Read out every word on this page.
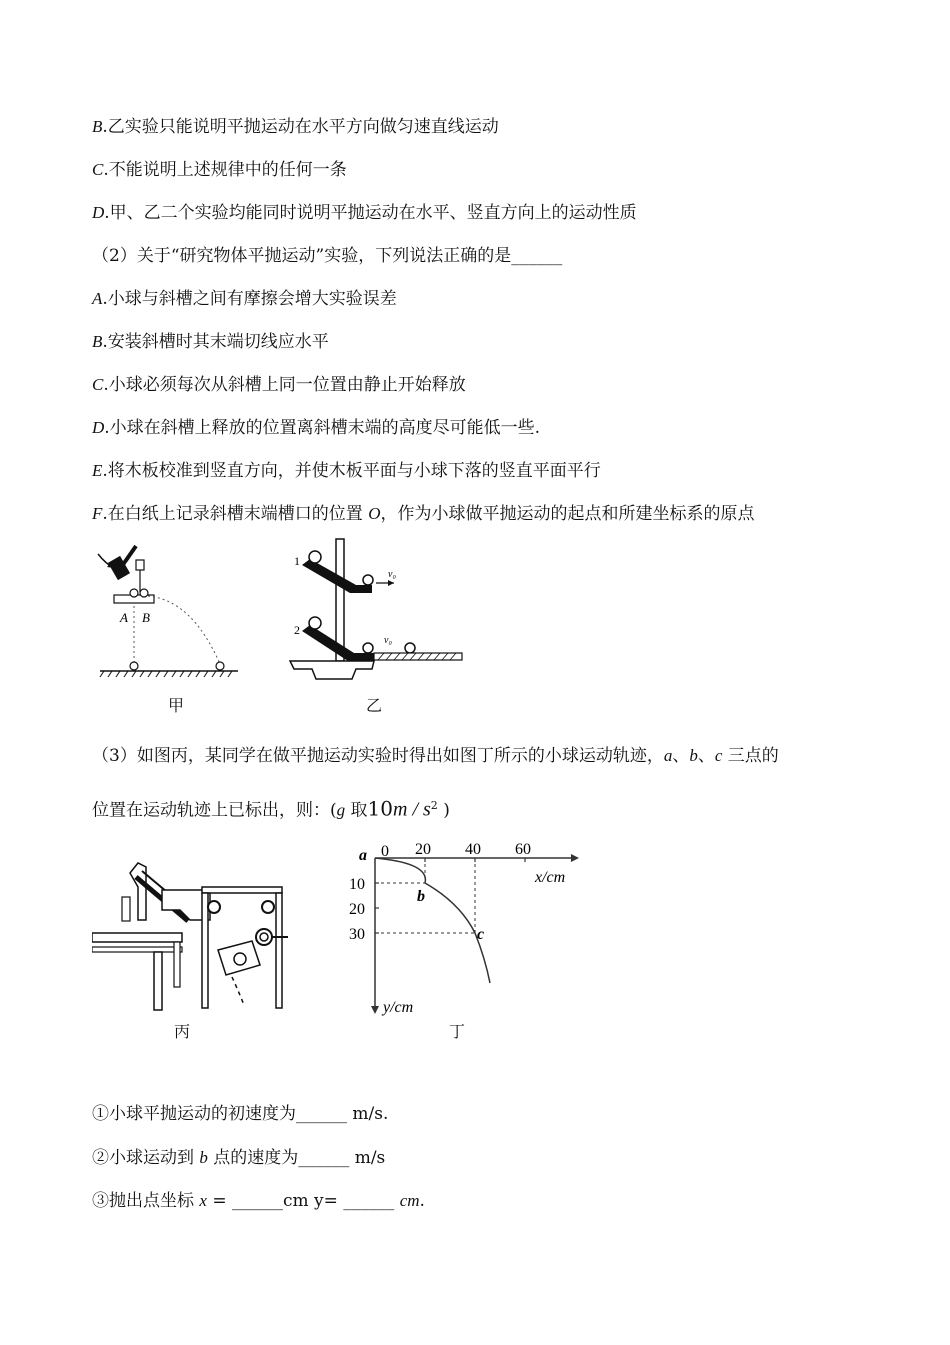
B.乙实验只能说明平抛运动在水平方向做匀速直线运动
C.不能说明上述规律中的任何一条
D.甲、乙二个实验均能同时说明平抛运动在水平、竖直方向上的运动性质
（2）关于“研究物体平抛运动”实验，下列说法正确的是______
A.小球与斜槽之间有摩擦会增大实验误差
B.安装斜槽时其末端切线应水平
C.小球必须每次从斜槽上同一位置由静止开始释放
D.小球在斜槽上释放的位置离斜槽末端的高度尽可能低一些.
E.将木板校准到竖直方向，并使木板平面与小球下落的竖直平面平行
F.在白纸上记录斜槽末端槽口的位置 O，作为小球做平抛运动的起点和所建坐标系的原点
A B
甲
1
v₀
2
v₀
乙
（3）如图丙，某同学在做平抛运动实验时得出如图丁所示的小球运动轨迹，a、b、c 三点的
位置在运动轨迹上已标出，则：(g 取$10m / s^2$ )
丙
20 40 60
10
20
30
b
c
a 0
x/cm
y/cm
丁
①小球平抛运动的初速度为______ m/s.
②小球运动到 b 点的速度为______ m/s
③抛出点坐标 x = ______cm y= ______ cm.
